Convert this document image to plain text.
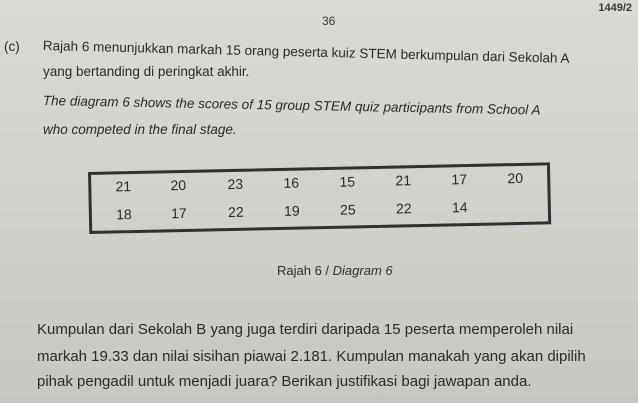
1449/2
36
(c) Rajah 6 menunjukkan markah 15 orang peserta kuiz STEM berkumpulan dari Sekolah A
yang bertanding di peringkat akhir.
The diagram 6 shows the scores of 15 group STEM quiz participants from School A
who competed in the final stage.
21	20	23	16	15	21	17	20
18	17	22	19	25	22	14
Rajah 6 / Diagram 6
Kumpulan dari Sekolah B yang juga terdiri daripada 15 peserta memperoleh nilai
markah 19.33 dan nilai sisihan piawai 2.181. Kumpulan manakah yang akan dipilih
pihak pengadil untuk menjadi juara? Berikan justifikasi bagi jawapan anda.
